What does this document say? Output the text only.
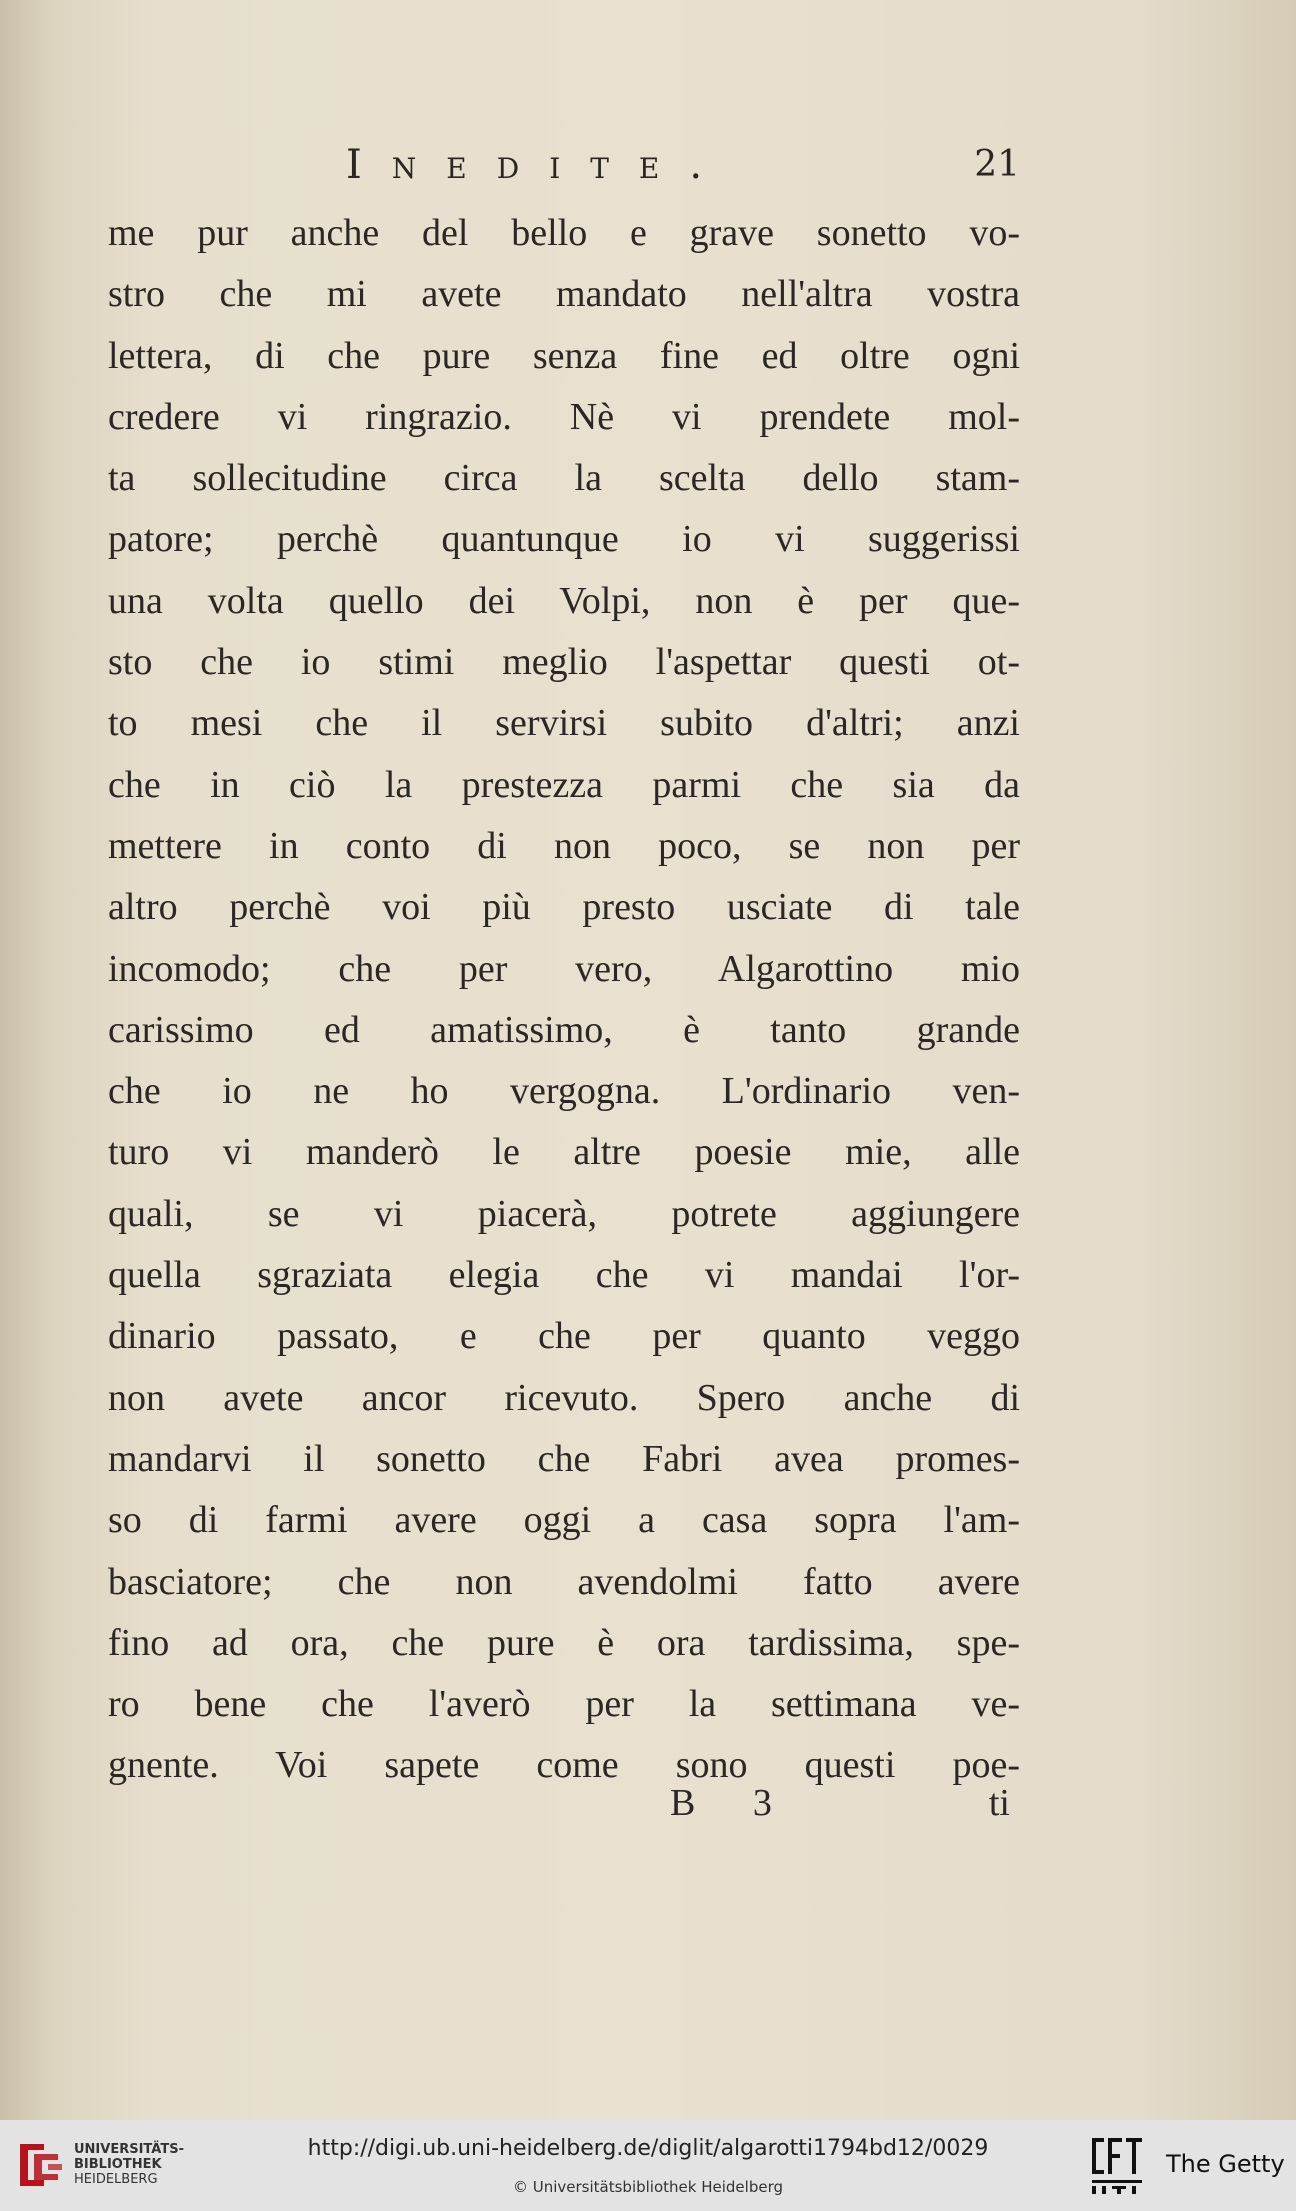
Inedite.	21
me pur anche del bello e grave sonetto vo-
stro che mi avete mandato nell'altra vostra
lettera, di che pure senza fine ed oltre ogni
credere vi ringrazio. Nè vi prendete mol-
ta sollecitudine circa la scelta dello stam-
patore; perchè quantunque io vi suggerissi
una volta quello dei Volpi, non è per que-
sto che io stimi meglio l'aspettar questi ot-
to mesi che il servirsi subito d'altri; anzi
che in ciò la prestezza parmi che sia da
mettere in conto di non poco, se non per
altro perchè voi più presto usciate di tale
incomodo; che per vero, Algarottino mio
carissimo ed amatissimo, è tanto grande
che io ne ho vergogna. L'ordinario ven-
turo vi manderò le altre poesie mie, alle
quali, se vi piacerà, potrete aggiungere
quella sgraziata elegia che vi mandai l'or-
dinario passato, e che per quanto veggo
non avete ancor ricevuto. Spero anche di
mandarvi il sonetto che Fabri avea promes-
so di farmi avere oggi a casa sopra l'am-
basciatore; che non avendolmi fatto avere
fino ad ora, che pure è ora tardissima, spe-
ro bene che l'averò per la settimana ve-
gnente. Voi sapete come sono questi poe-
B 3	ti
UNIVERSITÄTS-
BIBLIOTHEK
HEIDELBERG
http://digi.ub.uni-heidelberg.de/diglit/algarotti1794bd12/0029
© Universitätsbibliothek Heidelberg
The Getty
